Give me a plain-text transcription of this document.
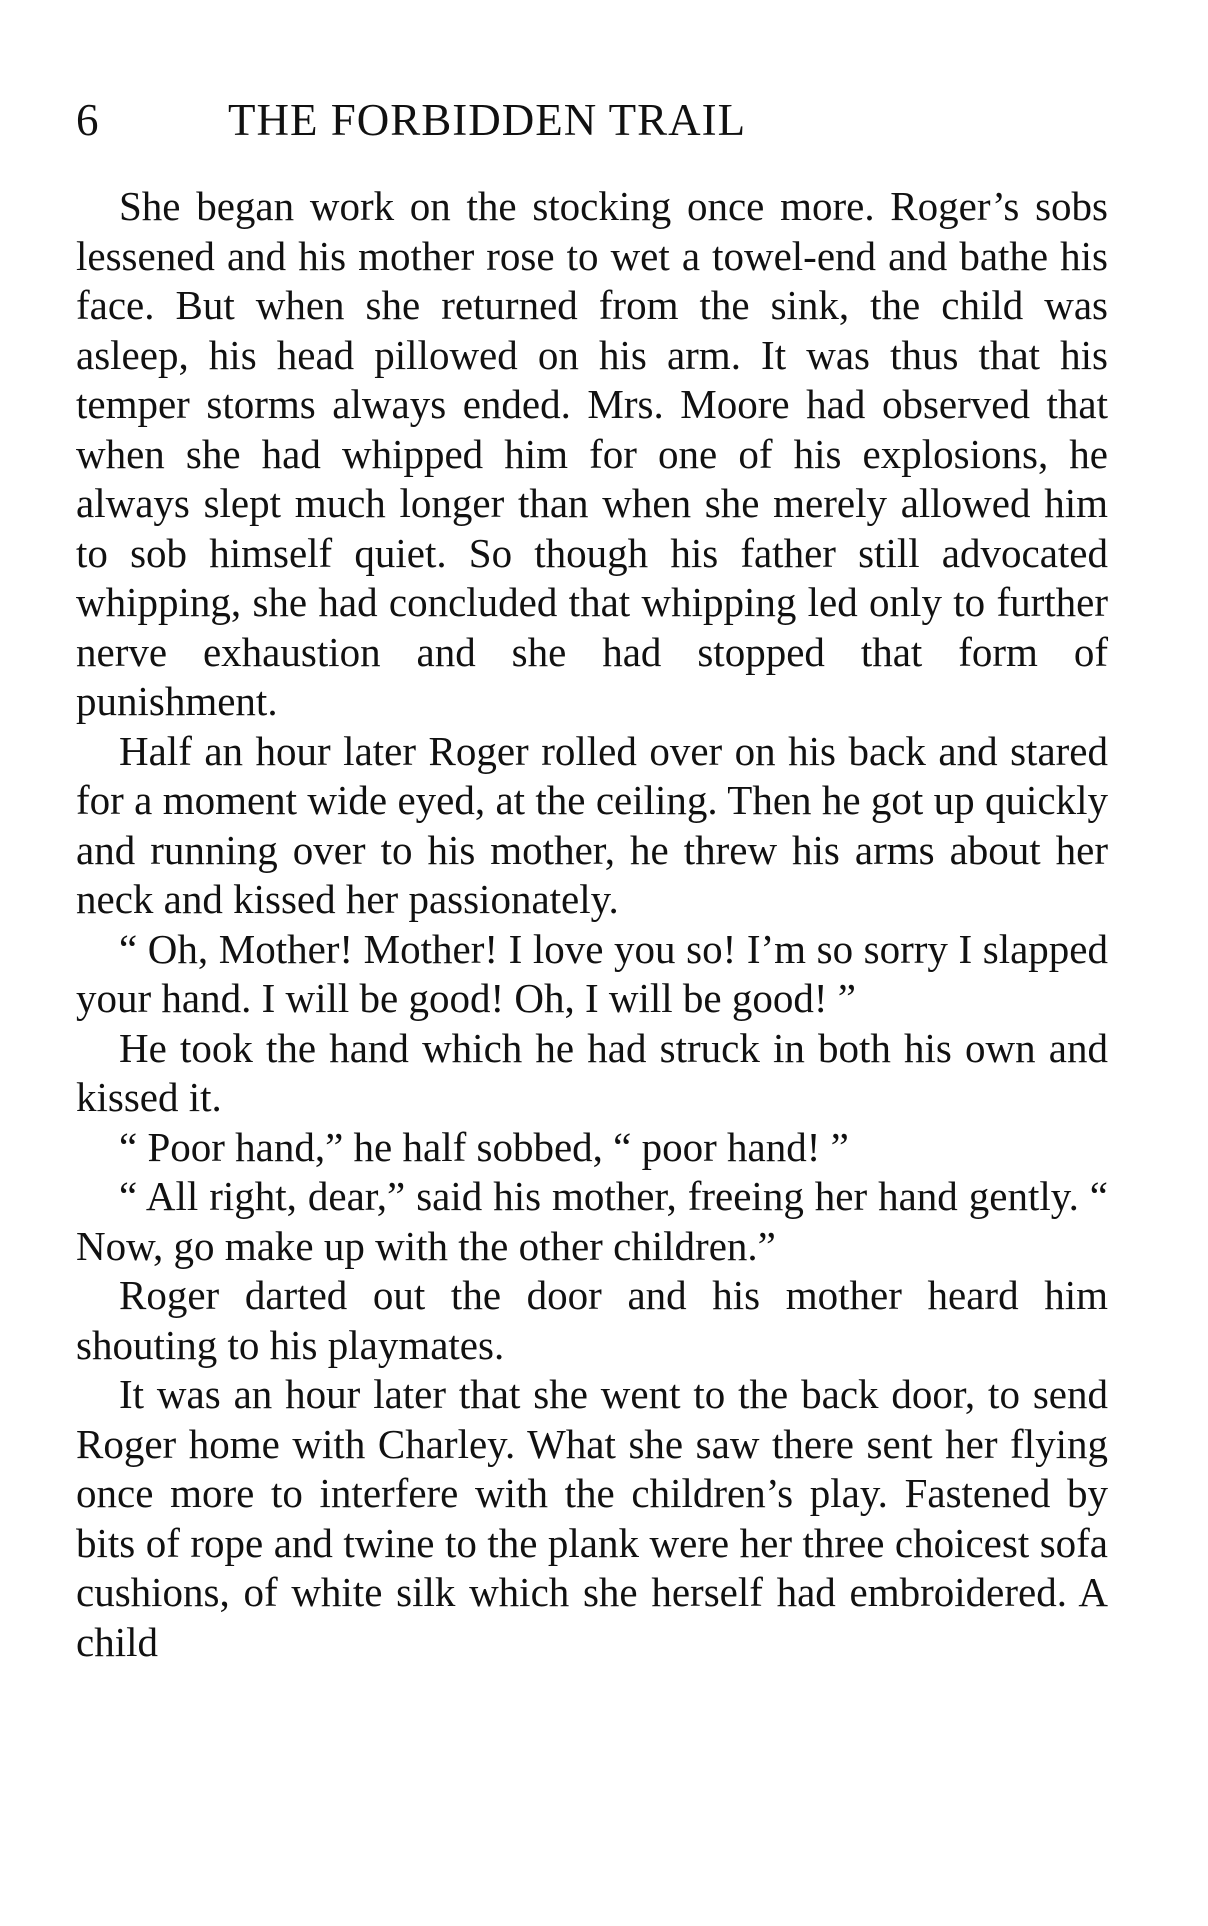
6	THE FORBIDDEN TRAIL

She began work on the stocking once more. Roger’s sobs lessened and his mother rose to wet a towel-end and bathe his face. But when she returned from the sink, the child was asleep, his head pillowed on his arm. It was thus that his temper storms always ended. Mrs. Moore had observed that when she had whipped him for one of his explosions, he always slept much longer than when she merely allowed him to sob himself quiet. So though his father still advocated whipping, she had concluded that whipping led only to further nerve exhaustion and she had stopped that form of punishment.

Half an hour later Roger rolled over on his back and stared for a moment wide eyed, at the ceiling. Then he got up quickly and running over to his mother, he threw his arms about her neck and kissed her passionately.

“ Oh, Mother! Mother! I love you so! I’m so sorry I slapped your hand. I will be good! Oh, I will be good! ”

He took the hand which he had struck in both his own and kissed it.

“ Poor hand,” he half sobbed, “ poor hand! ”

“ All right, dear,” said his mother, freeing her hand gently. “ Now, go make up with the other children.”

Roger darted out the door and his mother heard him shouting to his playmates.

It was an hour later that she went to the back door, to send Roger home with Charley. What she saw there sent her flying once more to interfere with the children’s play. Fastened by bits of rope and twine to the plank were her three choicest sofa cushions, of white silk which she herself had embroidered. A child
